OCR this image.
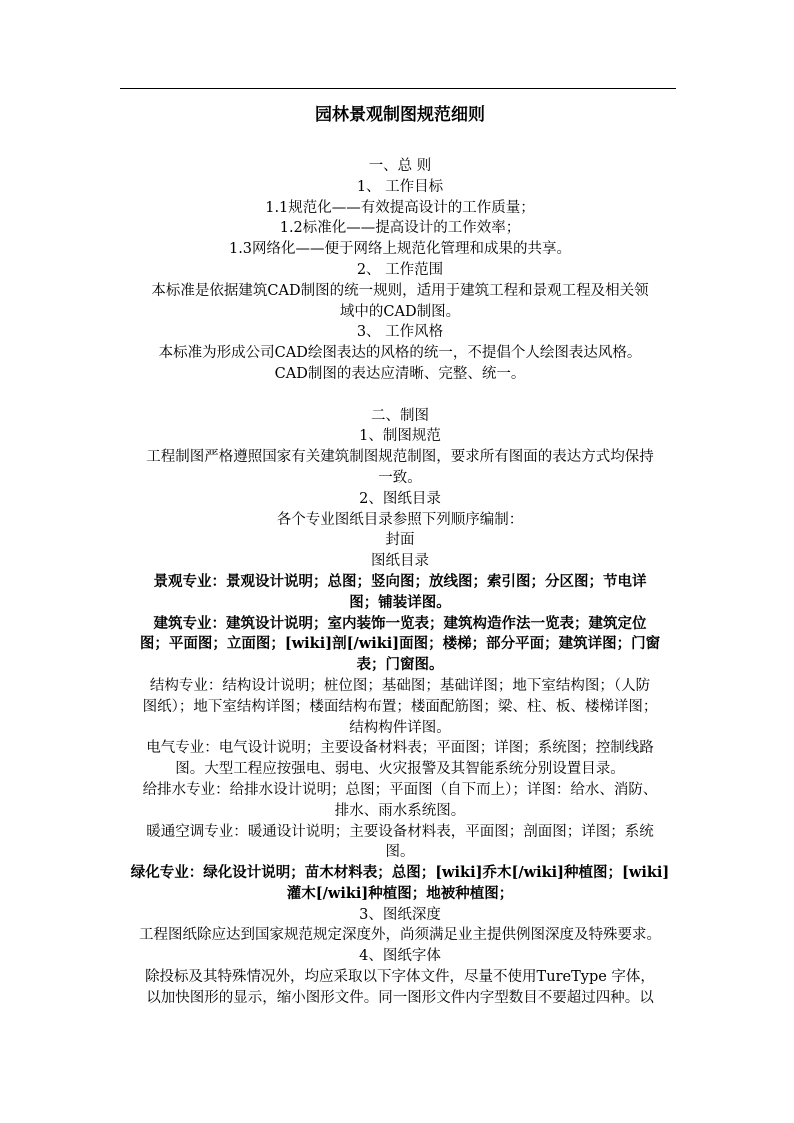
园林景观制图规范细则

一、总 则

1、 工作目标

1.1规范化——有效提高设计的工作质量；

1.2标准化——提高设计的工作效率；

1.3网络化——便于网络上规范化管理和成果的共享。

2、 工作范围

本标准是依据建筑CAD制图的统一规则，适用于建筑工程和景观工程及相关领

域中的CAD制图。

3、 工作风格

本标准为形成公司CAD绘图表达的风格的统一，不提倡个人绘图表达风格。

CAD制图的表达应清晰、完整、统一。

二、制图

1、制图规范

工程制图严格遵照国家有关建筑制图规范制图，要求所有图面的表达方式均保持

一致。

2、图纸目录

各个专业图纸目录参照下列顺序编制：

封面

图纸目录

景观专业：景观设计说明；总图；竖向图；放线图；索引图；分区图；节电详

图；铺装详图。

建筑专业：建筑设计说明；室内装饰一览表；建筑构造作法一览表；建筑定位

图；平面图；立面图；[wiki]剖[/wiki]面图；楼梯；部分平面；建筑详图；门窗

表；门窗图。

结构专业：结构设计说明；桩位图；基础图；基础详图；地下室结构图；（人防

图纸）；地下室结构详图；楼面结构布置；楼面配筋图；梁、柱、板、楼梯详图；

结构构件详图。

电气专业：电气设计说明；主要设备材料表；平面图；详图；系统图；控制线路

图。大型工程应按强电、弱电、火灾报警及其智能系统分别设置目录。

给排水专业：给排水设计说明；总图；平面图（自下而上）；详图：给水、消防、

排水、雨水系统图。

暖通空调专业：暖通设计说明；主要设备材料表，平面图；剖面图；详图；系统

图。

绿化专业：绿化设计说明；苗木材料表；总图；[wiki]乔木[/wiki]种植图；[wiki]

灌木[/wiki]种植图；地被种植图；

3、图纸深度

工程图纸除应达到国家规范规定深度外，尚须满足业主提供例图深度及特殊要求。

4、图纸字体

除投标及其特殊情况外，均应采取以下字体文件，尽量不使用TureType 字体，

以加快图形的显示，缩小图形文件。同一图形文件内字型数目不要超过四种。以
